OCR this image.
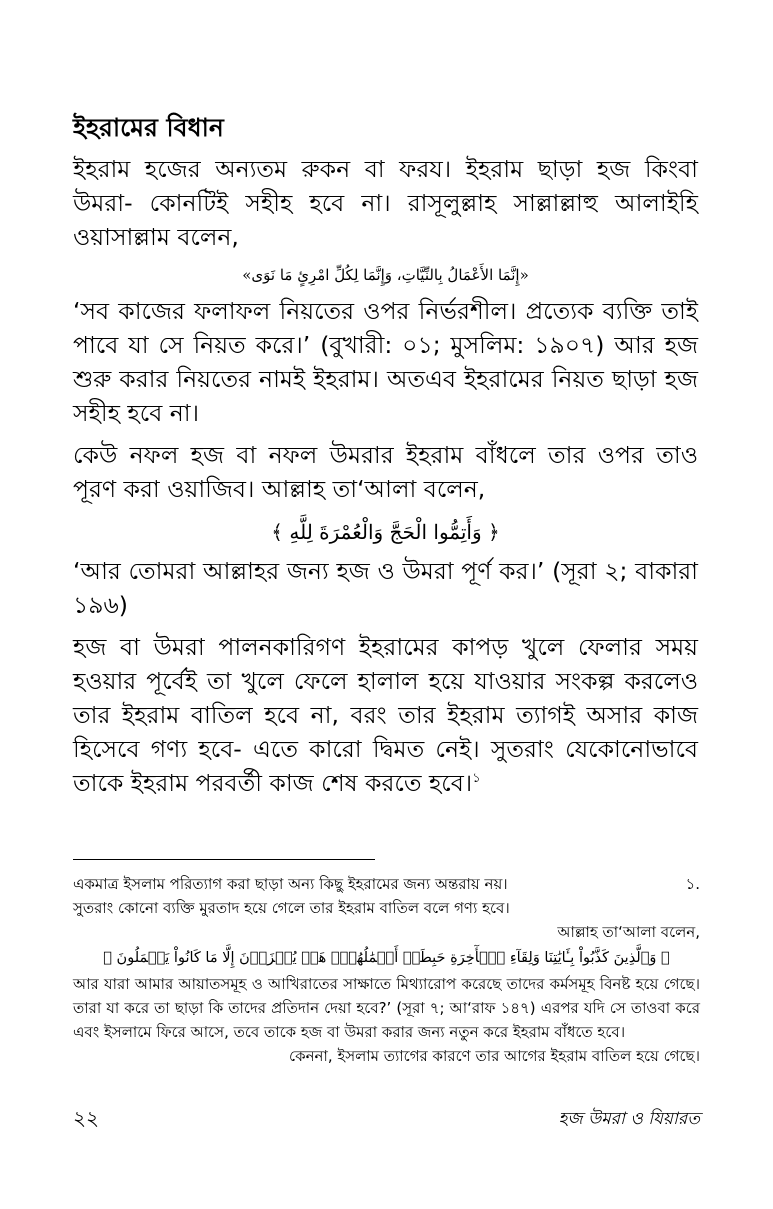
ইহরামের বিধান

ইহরাম হজের অন্যতম রুকন বা ফরয। ইহরাম ছাড়া হজ কিংবা উমরা- কোনটিই সহীহ হবে না। রাসূলুল্লাহ সাল্লাল্লাহু আলাইহি ওয়াসাল্লাম বলেন,

«إِنَّمَا الأَعْمَالُ بِالنِّيَّاتِ، وَإِنَّمَا لِكُلِّ امْرِئٍ مَا نَوَى»

‘সব কাজের ফলাফল নিয়তের ওপর নির্ভরশীল। প্রত্যেক ব্যক্তি তাই পাবে যা সে নিয়ত করে।’ (বুখারী: ০১; মুসলিম: ১৯০৭) আর হজ শুরু করার নিয়তের নামই ইহরাম। অতএব ইহরামের নিয়ত ছাড়া হজ সহীহ হবে না।

কেউ নফল হজ বা নফল উমরার ইহরাম বাঁধলে তার ওপর তাও পূরণ করা ওয়াজিব। আল্লাহ তা‘আলা বলেন,

﴿ وَأَتِمُّوا الْحَجَّ وَالْعُمْرَةَ لِلَّهِ ﴾

‘আর তোমরা আল্লাহর জন্য হজ ও উমরা পূর্ণ কর।’ (সূরা ২; বাকারা ১৯৬)

হজ বা উমরা পালনকারিগণ ইহরামের কাপড় খুলে ফেলার সময় হওয়ার পূর্বেই তা খুলে ফেলে হালাল হয়ে যাওয়ার সংকল্প করলেও তার ইহরাম বাতিল হবে না, বরং তার ইহরাম ত্যাগই অসার কাজ হিসেবে গণ্য হবে- এতে কারো দ্বিমত নেই। সুতরাং যেকোনোভাবে তাকে ইহরাম পরবর্তী কাজ শেষ করতে হবে।$^১$

একমাত্র ইসলাম পরিত্যাগ করা ছাড়া অন্য কিছু ইহরামের জন্য অন্তরায় নয়।	১.
সুতরাং কোনো ব্যক্তি মুরতাদ হয়ে গেলে তার ইহরাম বাতিল বলে গণ্য হবে।
আল্লাহ তা‘আলা বলেন,
﴿ وَٱلَّذِينَ كَذَّبُواْ بِـَٔايَٰتِنَا وَلِقَآءِ ٱلۡأٓخِرَةِ حَبِطَتۡ أَعۡمَٰلُهُمۡۚ هَلۡ يُجۡزَوۡنَ إِلَّا مَا كَانُواْ يَعۡمَلُونَ ﴾
আর যারা আমার আয়াতসমূহ ও আখিরাতের সাক্ষাতে মিথ্যারোপ করেছে তাদের কর্মসমূহ বিনষ্ট হয়ে গেছে। তারা যা করে তা ছাড়া কি তাদের প্রতিদান দেয়া হবে?’ (সূরা ৭; আ‘রাফ ১৪৭) এরপর যদি সে তাওবা করে এবং ইসলামে ফিরে আসে, তবে তাকে হজ বা উমরা করার জন্য নতুন করে ইহরাম বাঁধতে হবে।
কেননা, ইসলাম ত্যাগের কারণে তার আগের ইহরাম বাতিল হয়ে গেছে।
২২	হজ উমরা ও যিয়ারত
